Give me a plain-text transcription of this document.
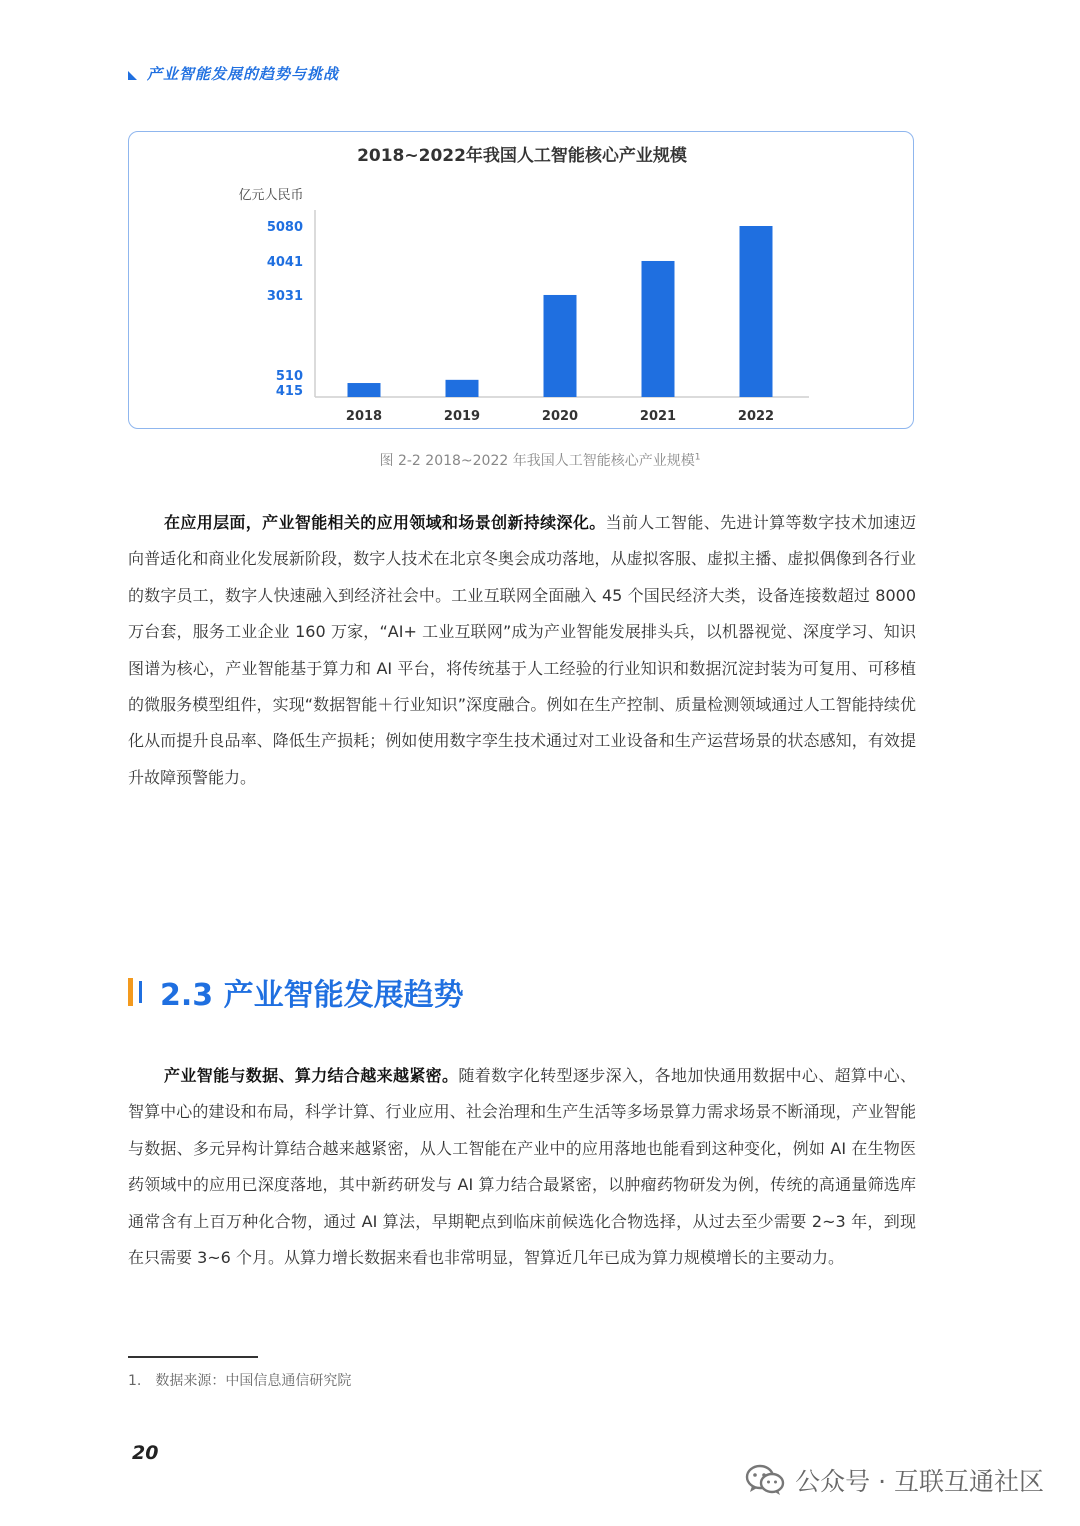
产业智能发展的趋势与挑战
2018~2022年我国人工智能核心产业规模
亿元人民币
2018	2019	2020	2021	2022
415
510
3031
4041
5080
图 2-2 2018~2022 年我国人工智能核心产业规模$^1$

在应用层面，产业智能相关的应用领域和场景创新持续深化。当前人工智能、先进计算等数字技术加速迈向普适化和商业化发展新阶段，数字人技术在北京冬奥会成功落地，从虚拟客服、虚拟主播、虚拟偶像到各行业的数字员工，数字人快速融入到经济社会中。工业互联网全面融入 45 个国民经济大类，设备连接数超过 8000 万台套，服务工业企业 160 万家，“AI+ 工业互联网”成为产业智能发展排头兵，以机器视觉、深度学习、知识图谱为核心，产业智能基于算力和 AI 平台，将传统基于人工经验的行业知识和数据沉淀封装为可复用、可移植的微服务模型组件，实现“数据智能＋行业知识”深度融合。例如在生产控制、质量检测领域通过人工智能持续优化从而提升良品率、降低生产损耗；例如使用数字孪生技术通过对工业设备和生产运营场景的状态感知，有效提升故障预警能力。

2.3 产业智能发展趋势

产业智能与数据、算力结合越来越紧密。随着数字化转型逐步深入，各地加快通用数据中心、超算中心、智算中心的建设和布局，科学计算、行业应用、社会治理和生产生活等多场景算力需求场景不断涌现，产业智能与数据、多元异构计算结合越来越紧密，从人工智能在产业中的应用落地也能看到这种变化，例如 AI 在生物医药领域中的应用已深度落地，其中新药研发与 AI 算力结合最紧密，以肿瘤药物研发为例，传统的高通量筛选库通常含有上百万种化合物，通过 AI 算法，早期靶点到临床前候选化合物选择，从过去至少需要 2~3 年，到现在只需要 3~6 个月。从算力增长数据来看也非常明显，智算近几年已成为算力规模增长的主要动力。

1. 数据来源：中国信息通信研究院
20
公众号 · 互联互通社区
